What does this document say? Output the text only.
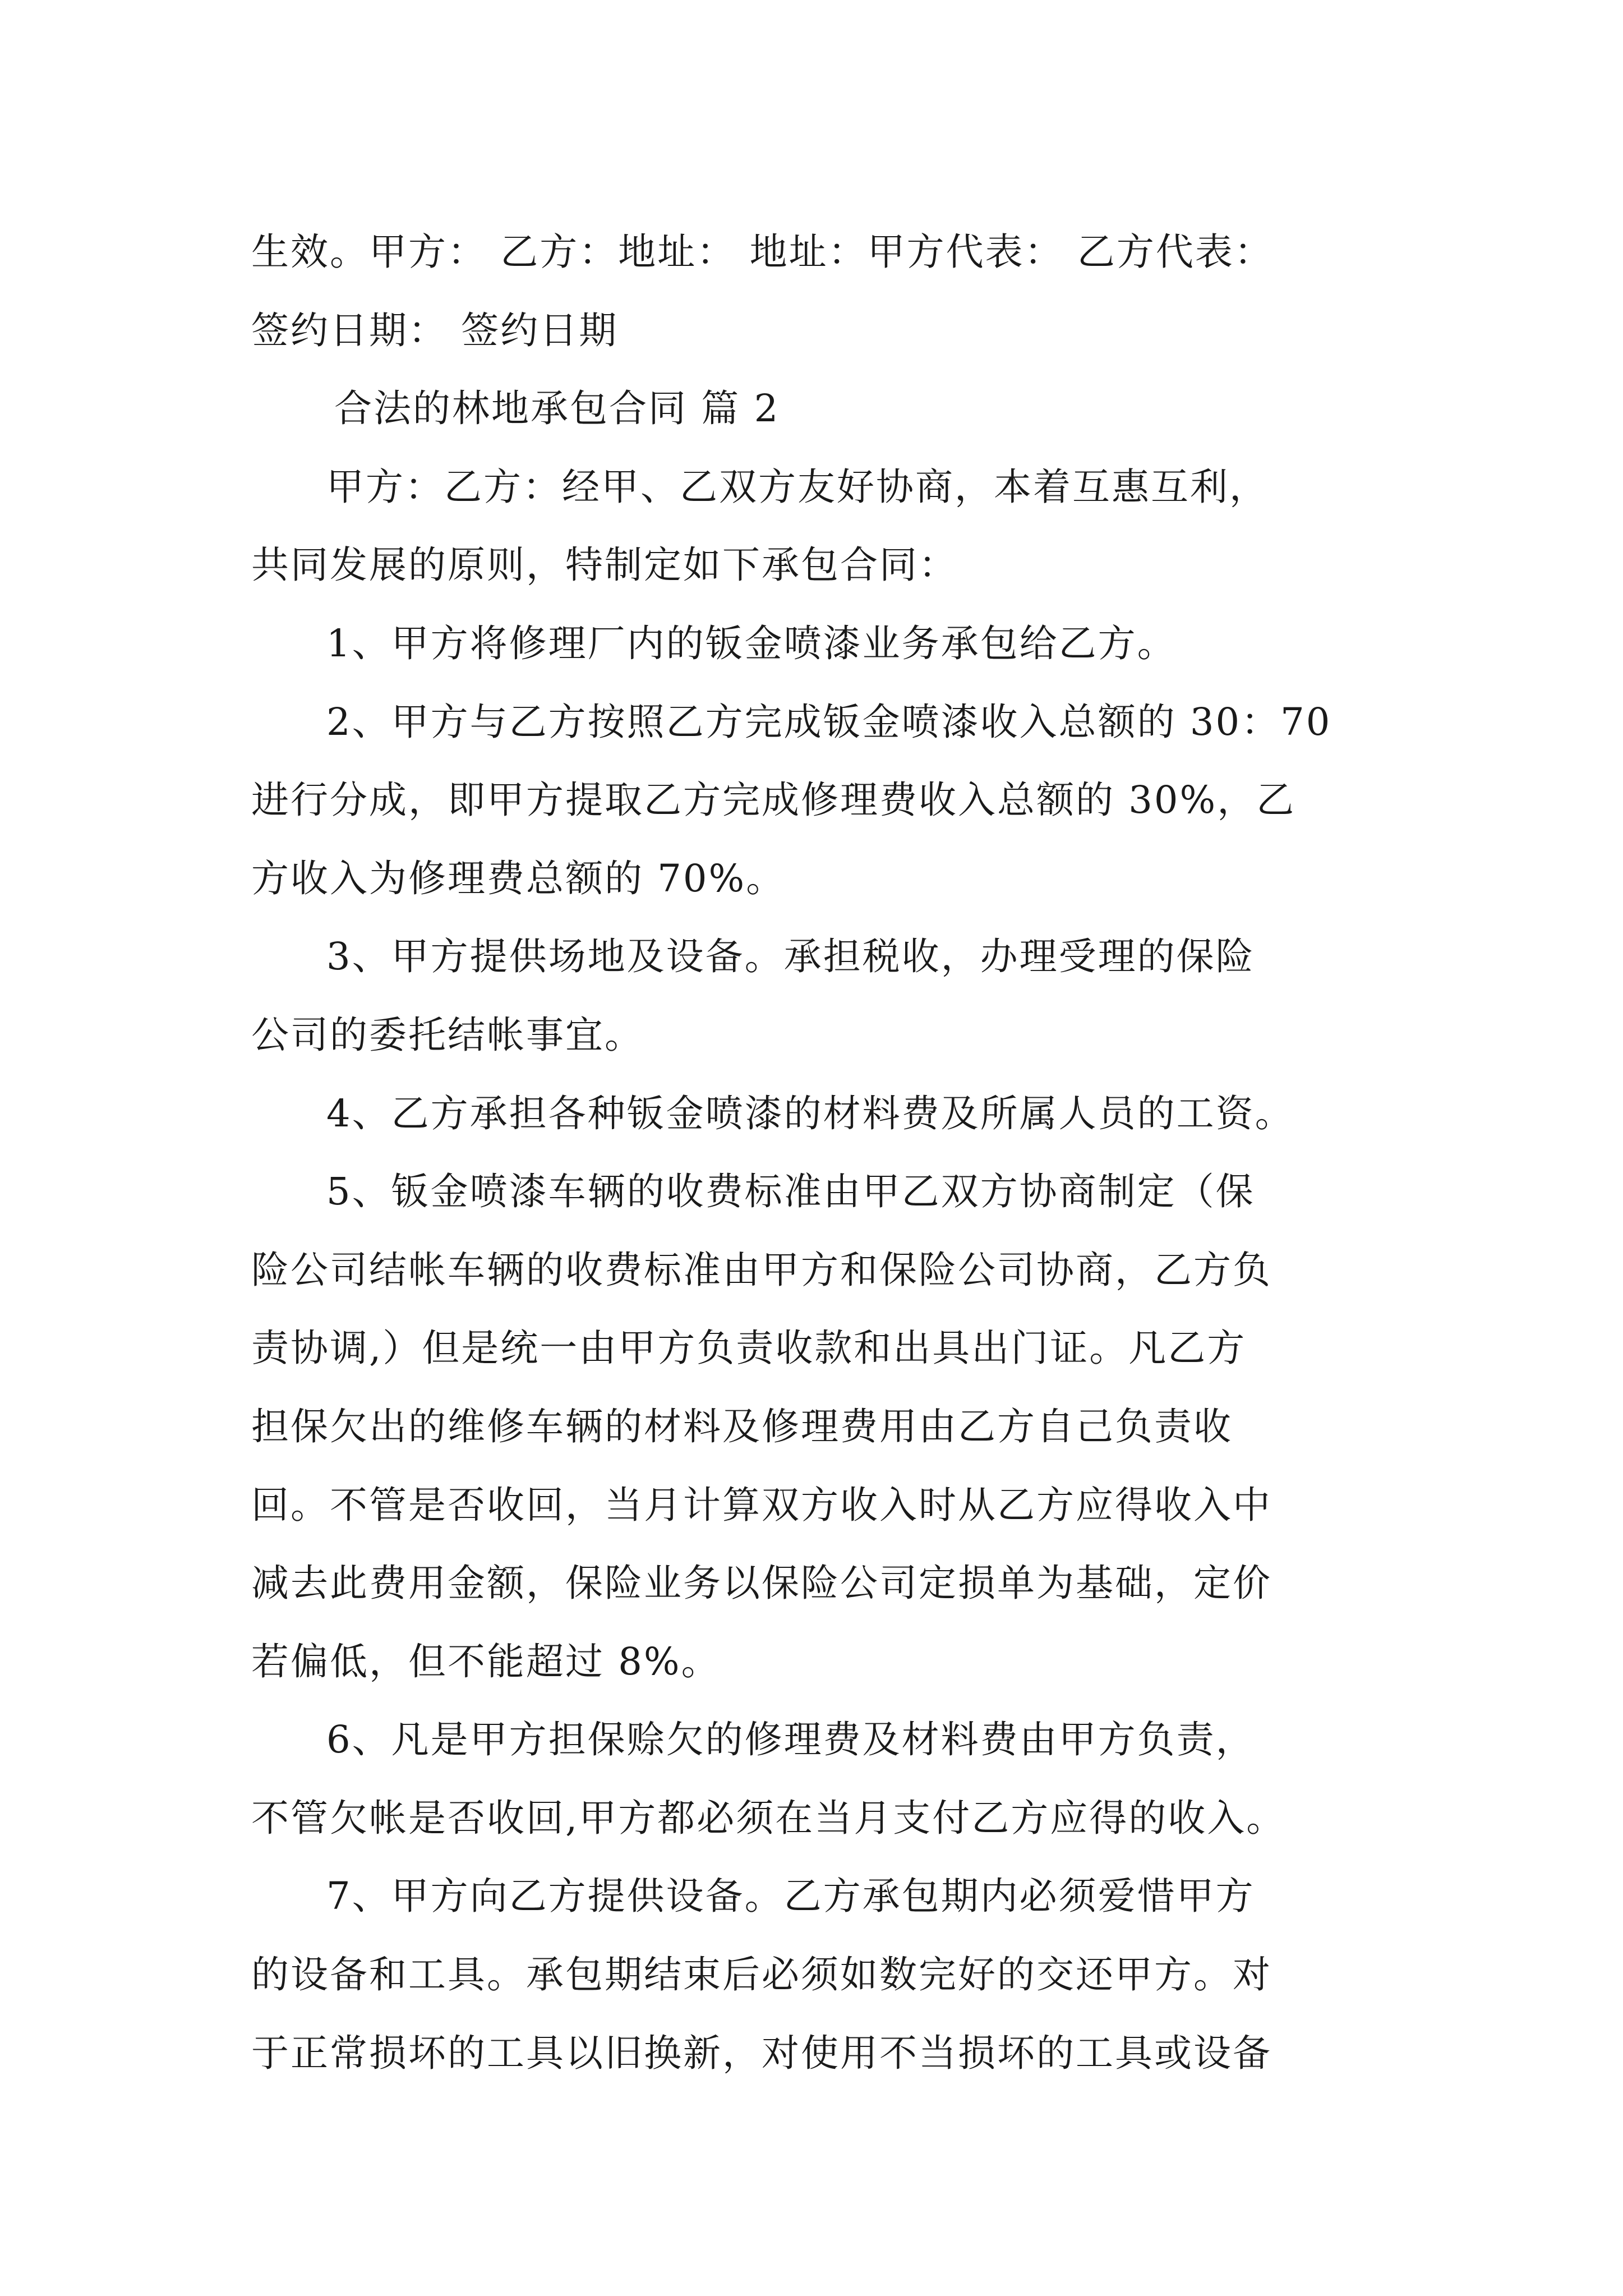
生效。甲方： 乙方：地址： 地址：甲方代表： 乙方代表：
签约日期： 签约日期
合法的林地承包合同 篇 2
甲方：乙方：经甲、乙双方友好协商，本着互惠互利，
共同发展的原则，特制定如下承包合同：
1、甲方将修理厂内的钣金喷漆业务承包给乙方。
2、甲方与乙方按照乙方完成钣金喷漆收入总额的 30：70
进行分成，即甲方提取乙方完成修理费收入总额的 30%，乙
方收入为修理费总额的 70%。
3、甲方提供场地及设备。承担税收，办理受理的保险
公司的委托结帐事宜。
4、乙方承担各种钣金喷漆的材料费及所属人员的工资。
5、钣金喷漆车辆的收费标准由甲乙双方协商制定（保
险公司结帐车辆的收费标准由甲方和保险公司协商，乙方负
责协调,）但是统一由甲方负责收款和出具出门证。凡乙方
担保欠出的维修车辆的材料及修理费用由乙方自己负责收
回。不管是否收回，当月计算双方收入时从乙方应得收入中
减去此费用金额，保险业务以保险公司定损单为基础，定价
若偏低，但不能超过 8%。
6、凡是甲方担保赊欠的修理费及材料费由甲方负责，
不管欠帐是否收回,甲方都必须在当月支付乙方应得的收入。
7、甲方向乙方提供设备。乙方承包期内必须爱惜甲方
的设备和工具。承包期结束后必须如数完好的交还甲方。对
于正常损坏的工具以旧换新，对使用不当损坏的工具或设备
